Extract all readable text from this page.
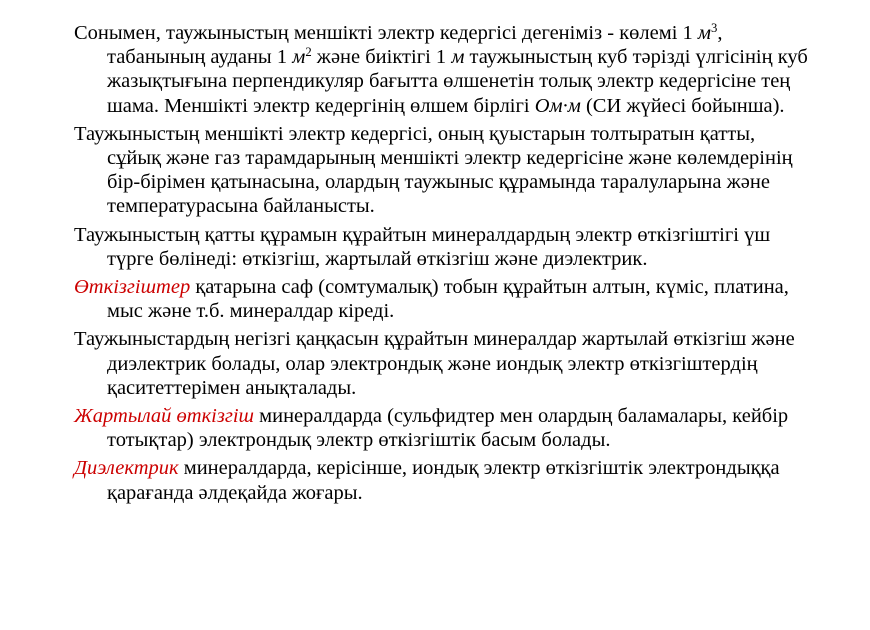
Сонымен, таужыныстың меншікті электр кедергісі дегеніміз - көлемі 1 $м^3$, табанының ауданы 1 $м^2$ және биіктігі 1 м таужыныстың куб тәрізді үлгісінің куб жазықтығына перпендикуляр бағытта өлшенетін толық электр кедергісіне тең шама. Меншікті электр кедергінің өлшем бірлігі Ом·м (СИ жүйесі бойынша).

Таужыныстың меншікті электр кедергісі, оның қуыстарын толтыратын қатты, сұйық және газ тарамдарының меншікті электр кедергісіне және көлемдерінің бір-бірімен қатынасына, олардың таужыныс құрамында таралуларына және температурасына байланысты.

Таужыныстың қатты құрамын құрайтын минералдардың электр өткізгіштігі үш түрге бөлінеді: өткізгіш, жартылай өткізгіш және диэлектрик.

Өткізгіштер қатарына саф (сомтумалық) тобын құрайтын алтын, күміс, платина, мыс және т.б. минералдар кіреді.

Таужыныстардың негізгі қаңқасын құрайтын минералдар жартылай өткізгіш және диэлектрик болады, олар электрондық және иондық электр өткізгіштердің қаситеттерімен анықталады.

Жартылай өткізгіш минералдарда (сульфидтер мен олардың баламалары, кейбір тотықтар) электрондық электр өткізгіштік басым болады.

Диэлектрик минералдарда, керісінше, иондық электр өткізгіштік электрондыққа қарағанда әлдеқайда жоғары.
